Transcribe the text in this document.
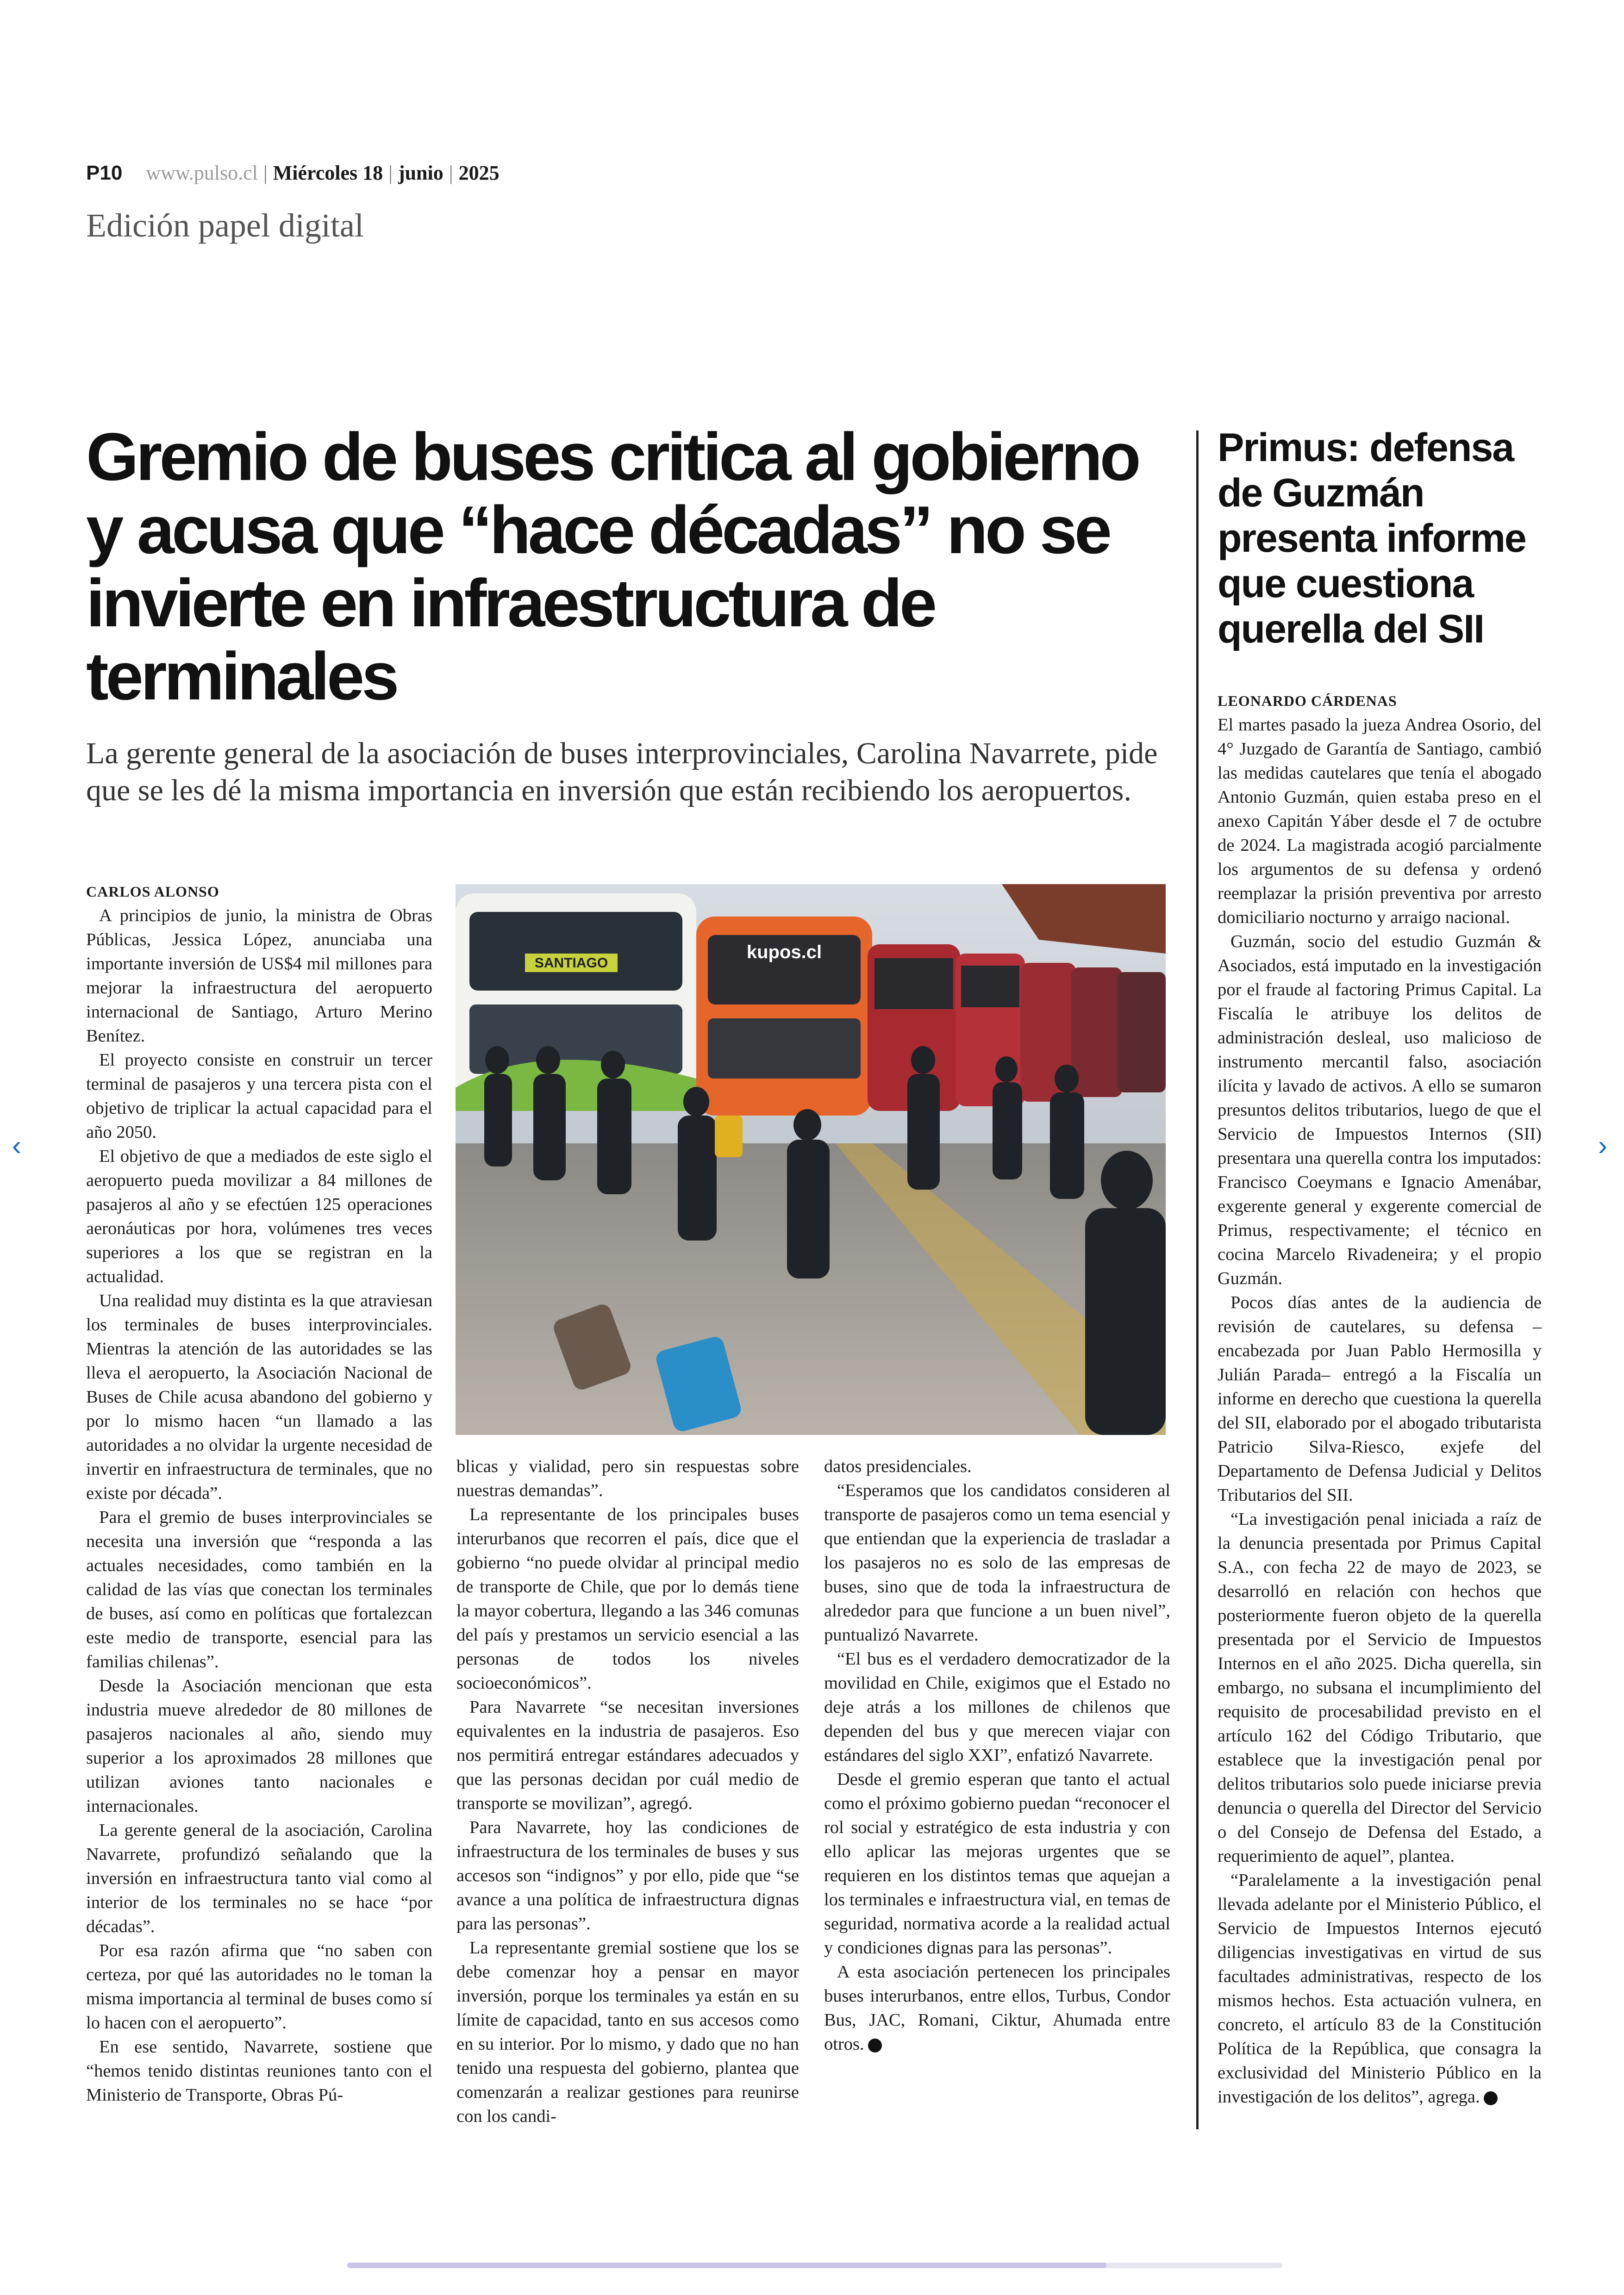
P10 www.pulso.cl | Miércoles 18 | junio | 2025
Edición papel digital
Gremio de buses critica al gobierno y acusa que “hace décadas” no se invierte en infraestructura de terminales

La gerente general de la asociación de buses interprovinciales, Carolina Navarrete, pide que se les dé la misma importancia en inversión que están recibiendo los aeropuertos.

CARLOS ALONSO

A principios de junio, la ministra de Obras Públicas, Jessica López, anunciaba una importante inversión de US$4 mil millones para mejorar la infraestructura del aeropuerto internacional de Santiago, Arturo Merino Benítez.

El proyecto consiste en construir un tercer terminal de pasajeros y una tercera pista con el objetivo de triplicar la actual capacidad para el año 2050.

El objetivo de que a mediados de este siglo el aeropuerto pueda movilizar a 84 millones de pasajeros al año y se efectúen 125 operaciones aeronáuticas por hora, volúmenes tres veces superiores a los que se registran en la actualidad.

Una realidad muy distinta es la que atraviesan los terminales de buses interprovinciales. Mientras la atención de las autoridades se las lleva el aeropuerto, la Asociación Nacional de Buses de Chile acusa abandono del gobierno y por lo mismo hacen “un llamado a las autoridades a no olvidar la urgente necesidad de invertir en infraestructura de terminales, que no existe por década”.

Para el gremio de buses interprovinciales se necesita una inversión que “responda a las actuales necesidades, como también en la calidad de las vías que conectan los terminales de buses, así como en políticas que fortalezcan este medio de transporte, esencial para las familias chilenas”.

Desde la Asociación mencionan que esta industria mueve alrededor de 80 millones de pasajeros nacionales al año, siendo muy superior a los aproximados 28 millones que utilizan aviones tanto nacionales e internacionales.

La gerente general de la asociación, Carolina Navarrete, profundizó señalando que la inversión en infraestructura tanto vial como al interior de los terminales no se hace “por décadas”.

Por esa razón afirma que “no saben con certeza, por qué las autoridades no le toman la misma importancia al terminal de buses como sí lo hacen con el aeropuerto”.

En ese sentido, Navarrete, sostiene que “hemos tenido distintas reuniones tanto con el Ministerio de Transporte, Obras Pú-

SANTIAGO
kupos.cl

blicas y vialidad, pero sin respuestas sobre nuestras demandas”.

La representante de los principales buses interurbanos que recorren el país, dice que el gobierno “no puede olvidar al principal medio de transporte de Chile, que por lo demás tiene la mayor cobertura, llegando a las 346 comunas del país y prestamos un servicio esencial a las personas de todos los niveles socioeconómicos”.

Para Navarrete “se necesitan inversiones equivalentes en la industria de pasajeros. Eso nos permitirá entregar estándares adecuados y que las personas decidan por cuál medio de transporte se movilizan”, agregó.

Para Navarrete, hoy las condiciones de infraestructura de los terminales de buses y sus accesos son “indignos” y por ello, pide que “se avance a una política de infraestructura dignas para las personas”.

La representante gremial sostiene que los se debe comenzar hoy a pensar en mayor inversión, porque los terminales ya están en su límite de capacidad, tanto en sus accesos como en su interior. Por lo mismo, y dado que no han tenido una respuesta del gobierno, plantea que comenzarán a realizar gestiones para reunirse con los candi-

datos presidenciales.

“Esperamos que los candidatos consideren al transporte de pasajeros como un tema esencial y que entiendan que la experiencia de trasladar a los pasajeros no es solo de las empresas de buses, sino que de toda la infraestructura de alrededor para que funcione a un buen nivel”, puntualizó Navarrete.

“El bus es el verdadero democratizador de la movilidad en Chile, exigimos que el Estado no deje atrás a los millones de chilenos que dependen del bus y que merecen viajar con estándares del siglo XXI”, enfatizó Navarrete.

Desde el gremio esperan que tanto el actual como el próximo gobierno puedan “reconocer el rol social y estratégico de esta industria y con ello aplicar las mejoras urgentes que se requieren en los distintos temas que aquejan a los terminales e infraestructura vial, en temas de seguridad, normativa acorde a la realidad actual y condiciones dignas para las personas”.

A esta asociación pertenecen los principales buses interurbanos, entre ellos, Turbus, Condor Bus, JAC, Romani, Ciktur, Ahumada entre otros.

Primus: defensa de Guzmán presenta informe que cuestiona querella del SII

LEONARDO CÁRDENAS

El martes pasado la jueza Andrea Osorio, del 4° Juzgado de Garantía de Santiago, cambió las medidas cautelares que tenía el abogado Antonio Guzmán, quien estaba preso en el anexo Capitán Yáber desde el 7 de octubre de 2024. La magistrada acogió parcialmente los argumentos de su defensa y ordenó reemplazar la prisión preventiva por arresto domiciliario nocturno y arraigo nacional.

Guzmán, socio del estudio Guzmán & Asociados, está imputado en la investigación por el fraude al factoring Primus Capital. La Fiscalía le atribuye los delitos de administración desleal, uso malicioso de instrumento mercantil falso, asociación ilícita y lavado de activos. A ello se sumaron presuntos delitos tributarios, luego de que el Servicio de Impuestos Internos (SII) presentara una querella contra los imputados: Francisco Coeymans e Ignacio Amenábar, exgerente general y exgerente comercial de Primus, respectivamente; el técnico en cocina Marcelo Rivadeneira; y el propio Guzmán.

Pocos días antes de la audiencia de revisión de cautelares, su defensa –encabezada por Juan Pablo Hermosilla y Julián Parada– entregó a la Fiscalía un informe en derecho que cuestiona la querella del SII, elaborado por el abogado tributarista Patricio Silva-Riesco, exjefe del Departamento de Defensa Judicial y Delitos Tributarios del SII.

“La investigación penal iniciada a raíz de la denuncia presentada por Primus Capital S.A., con fecha 22 de mayo de 2023, se desarrolló en relación con hechos que posteriormente fueron objeto de la querella presentada por el Servicio de Impuestos Internos en el año 2025. Dicha querella, sin embargo, no subsana el incumplimiento del requisito de procesabilidad previsto en el artículo 162 del Código Tributario, que establece que la investigación penal por delitos tributarios solo puede iniciarse previa denuncia o querella del Director del Servicio o del Consejo de Defensa del Estado, a requerimiento de aquel”, plantea.

“Paralelamente a la investigación penal llevada adelante por el Ministerio Público, el Servicio de Impuestos Internos ejecutó diligencias investigativas en virtud de sus facultades administrativas, respecto de los mismos hechos. Esta actuación vulnera, en concreto, el artículo 83 de la Constitución Política de la República, que consagra la exclusividad del Ministerio Público en la investigación de los delitos”, agrega.

‹	›
